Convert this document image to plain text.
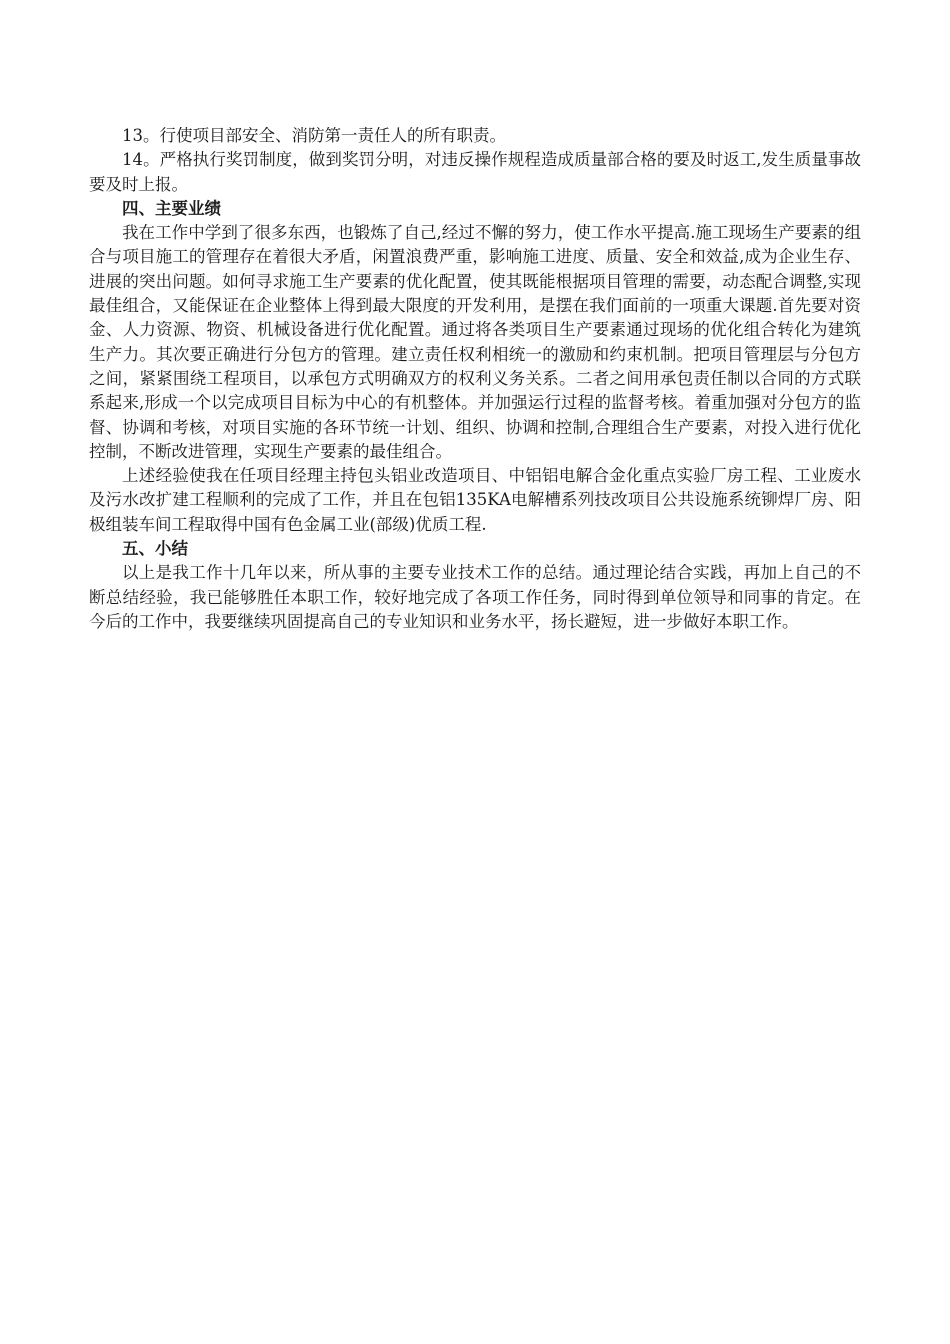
13。行使项目部安全、消防第一责任人的所有职责。

14。严格执行奖罚制度，做到奖罚分明，对违反操作规程造成质量部合格的要及时返工,发生质量事故要及时上报。

四、主要业绩

我在工作中学到了很多东西，也锻炼了自己,经过不懈的努力，使工作水平提高.施工现场生产要素的组合与项目施工的管理存在着很大矛盾，闲置浪费严重，影响施工进度、质量、安全和效益,成为企业生存、进展的突出问题。如何寻求施工生产要素的优化配置，使其既能根据项目管理的需要，动态配合调整,实现最佳组合，又能保证在企业整体上得到最大限度的开发利用，是摆在我们面前的一项重大课题.首先要对资金、人力资源、物资、机械设备进行优化配置。通过将各类项目生产要素通过现场的优化组合转化为建筑生产力。其次要正确进行分包方的管理。建立责任权利相统一的激励和约束机制。把项目管理层与分包方之间，紧紧围绕工程项目，以承包方式明确双方的权利义务关系。二者之间用承包责任制以合同的方式联系起来,形成一个以完成项目目标为中心的有机整体。并加强运行过程的监督考核。着重加强对分包方的监督、协调和考核，对项目实施的各环节统一计划、组织、协调和控制,合理组合生产要素，对投入进行优化控制，不断改进管理，实现生产要素的最佳组合。

上述经验使我在任项目经理主持包头铝业改造项目、中铝铝电解合金化重点实验厂房工程、工业废水及污水改扩建工程顺利的完成了工作，并且在包铝135KA电解槽系列技改项目公共设施系统铆焊厂房、阳极组装车间工程取得中国有色金属工业(部级)优质工程.

五、小结

以上是我工作十几年以来，所从事的主要专业技术工作的总结。通过理论结合实践，再加上自己的不断总结经验，我已能够胜任本职工作，较好地完成了各项工作任务，同时得到单位领导和同事的肯定。在今后的工作中，我要继续巩固提高自己的专业知识和业务水平，扬长避短，进一步做好本职工作。
